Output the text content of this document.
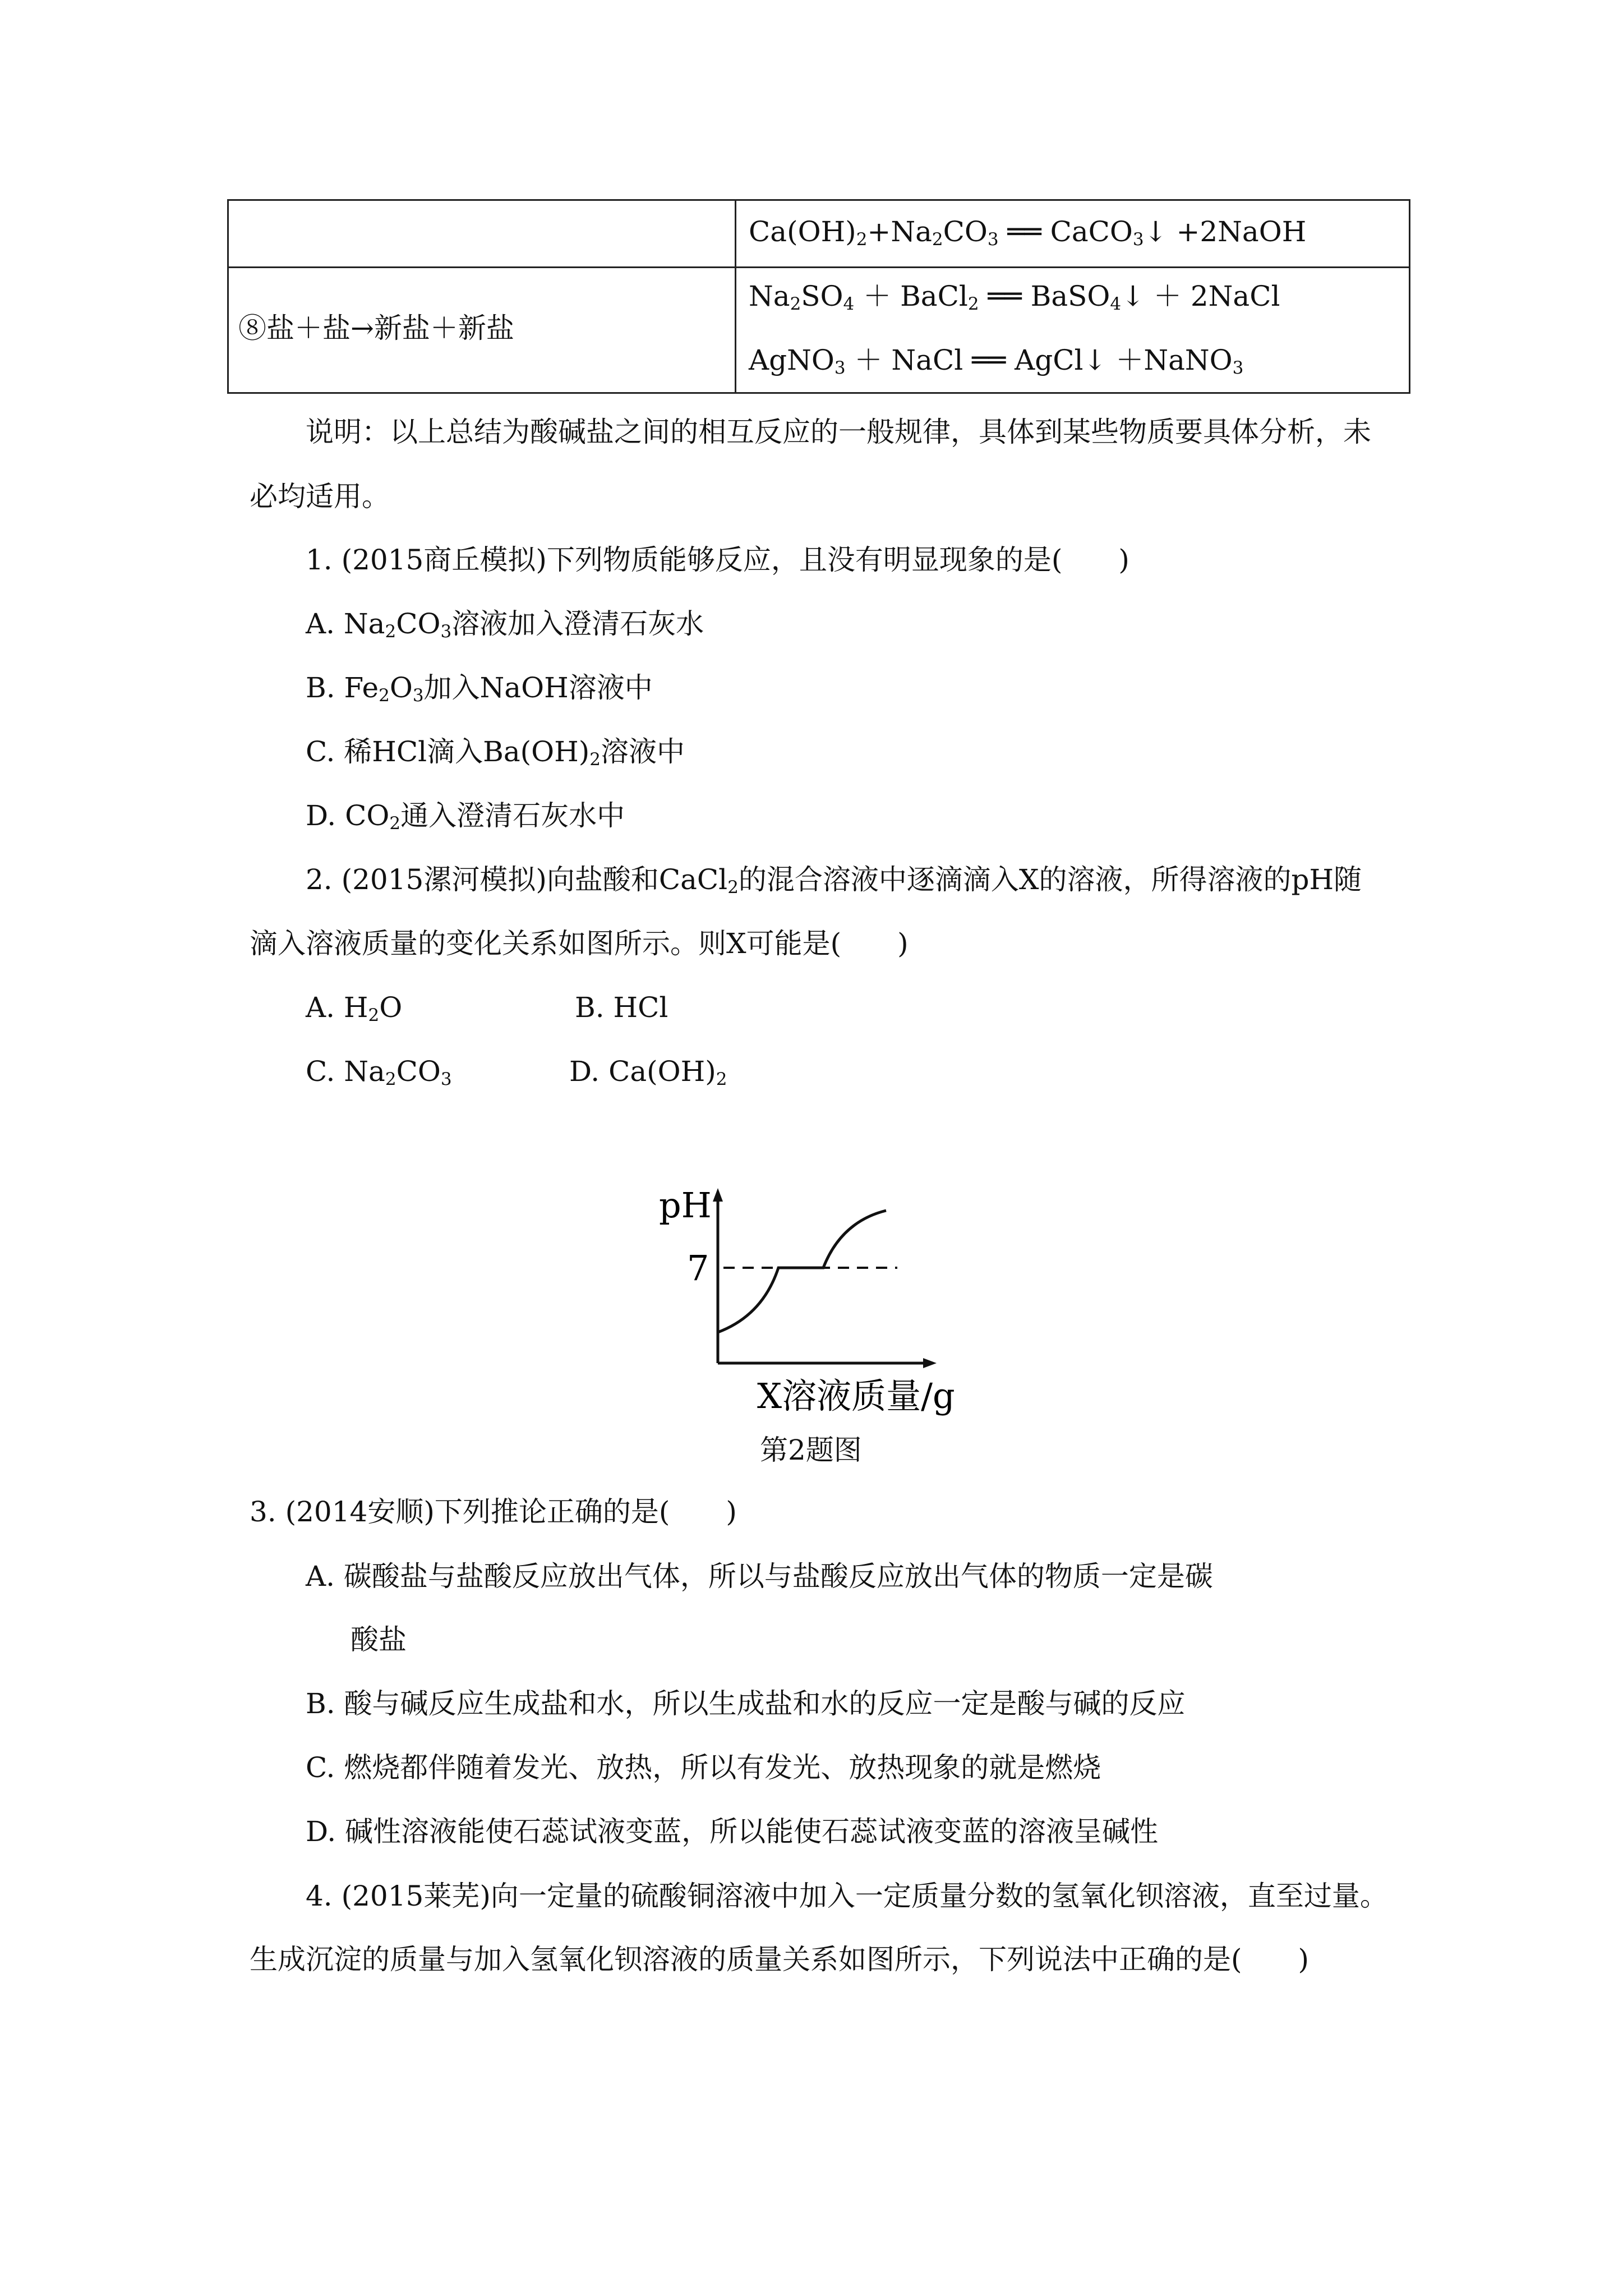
$Ca(OH)_2+Na_2CO_3$ ══ CaCO$_3$↓ +2NaOH
⑧盐＋盐→新盐＋新盐
$Na_2SO_4$ ＋ BaCl$_2$ ══ BaSO$_4$↓ ＋ 2NaCl
AgNO$_3$ ＋ NaCl ══ AgCl↓ ＋NaNO$_3$
说明：以上总结为酸碱盐之间的相互反应的一般规律，具体到某些物质要具体分析，未
必均适用。
1. (2015商丘模拟)下列物质能够反应，且没有明显现象的是(　　)
A. $Na_2CO_3$溶液加入澄清石灰水
B. $Fe_2O_3$加入NaOH溶液中
C. 稀HCl滴入$Ba(OH)_2$溶液中
D. $CO_2$通入澄清石灰水中
2. (2015漯河模拟)向盐酸和CaCl$_2$的混合溶液中逐滴滴入X的溶液，所得溶液的pH随
滴入溶液质量的变化关系如图所示。则X可能是(　　)
A. $H_2O$	B. HCl
C. $Na_2CO_3$	D. $Ca(OH)_2$
pH
7
X溶液质量/g
第2题图
3. (2014安顺)下列推论正确的是(　　)
A. 碳酸盐与盐酸反应放出气体，所以与盐酸反应放出气体的物质一定是碳
酸盐
B. 酸与碱反应生成盐和水，所以生成盐和水的反应一定是酸与碱的反应
C. 燃烧都伴随着发光、放热，所以有发光、放热现象的就是燃烧
D. 碱性溶液能使石蕊试液变蓝，所以能使石蕊试液变蓝的溶液呈碱性
4. (2015莱芜)向一定量的硫酸铜溶液中加入一定质量分数的氢氧化钡溶液，直至过量。
生成沉淀的质量与加入氢氧化钡溶液的质量关系如图所示，下列说法中正确的是(　　)
